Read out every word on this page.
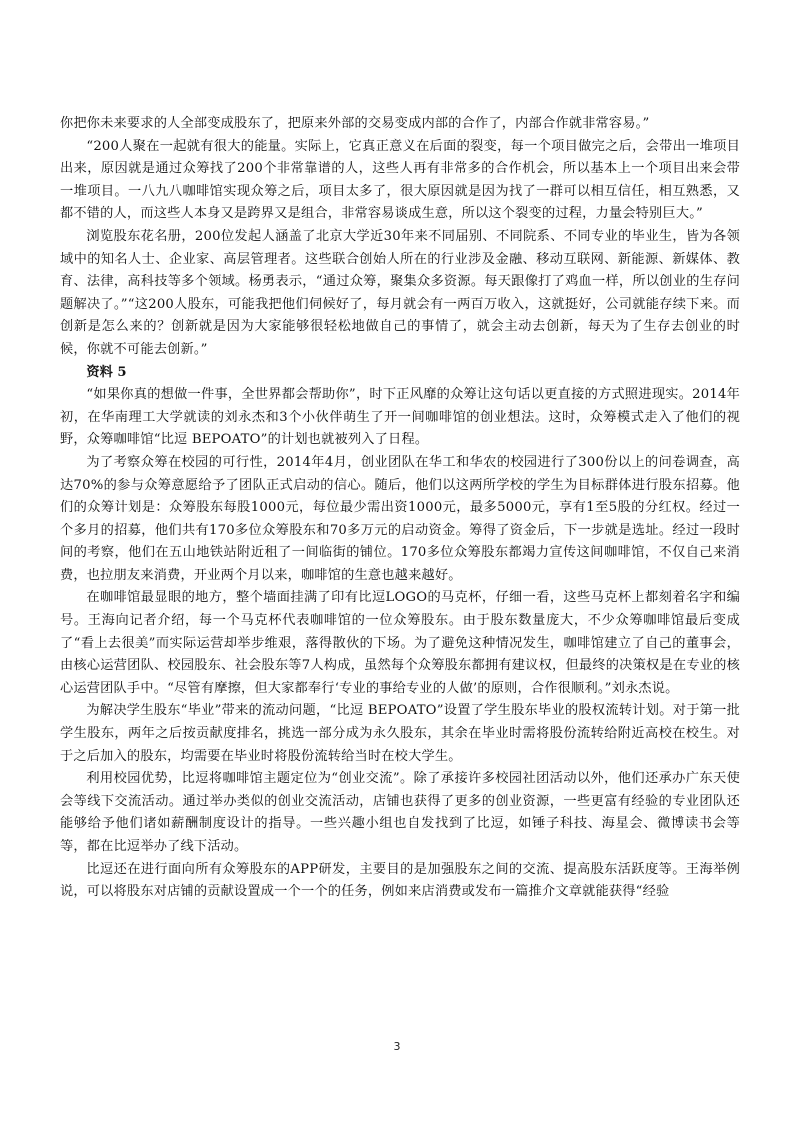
你把你未来要求的人全部变成股东了，把原来外部的交易变成内部的合作了，内部合作就非常容易。”

“200人聚在一起就有很大的能量。实际上，它真正意义在后面的裂变，每一个项目做完之后，会带出一堆项目出来，原因就是通过众筹找了200个非常靠谱的人，这些人再有非常多的合作机会，所以基本上一个项目出来会带一堆项目。一八九八咖啡馆实现众筹之后，项目太多了，很大原因就是因为找了一群可以相互信任，相互熟悉，又都不错的人，而这些人本身又是跨界又是组合，非常容易谈成生意，所以这个裂变的过程，力量会特别巨大。”

浏览股东花名册，200位发起人涵盖了北京大学近30年来不同届别、不同院系、不同专业的毕业生，皆为各领域中的知名人士、企业家、高层管理者。这些联合创始人所在的行业涉及金融、移动互联网、新能源、新媒体、教育、法律，高科技等多个领域。杨勇表示，“通过众筹，聚集众多资源。每天跟像打了鸡血一样，所以创业的生存问题解决了。”“这200人股东，可能我把他们伺候好了，每月就会有一两百万收入，这就挺好，公司就能存续下来。而创新是怎么来的？创新就是因为大家能够很轻松地做自己的事情了，就会主动去创新，每天为了生存去创业的时候，你就不可能去创新。”

资料 5

“如果你真的想做一件事，全世界都会帮助你”，时下正风靡的众筹让这句话以更直接的方式照进现实。2014年初，在华南理工大学就读的刘永杰和3个小伙伴萌生了开一间咖啡馆的创业想法。这时，众筹模式走入了他们的视野，众筹咖啡馆“比逗 BEPOATO”的计划也就被列入了日程。

为了考察众筹在校园的可行性，2014年4月，创业团队在华工和华农的校园进行了300份以上的问卷调查，高达70%的参与众筹意愿给予了团队正式启动的信心。随后，他们以这两所学校的学生为目标群体进行股东招募。他们的众筹计划是：众筹股东每股1000元，每位最少需出资1000元，最多5000元，享有1至5股的分红权。经过一个多月的招募，他们共有170多位众筹股东和70多万元的启动资金。筹得了资金后，下一步就是选址。经过一段时间的考察，他们在五山地铁站附近租了一间临街的铺位。170多位众筹股东都竭力宣传这间咖啡馆，不仅自己来消费，也拉朋友来消费，开业两个月以来，咖啡馆的生意也越来越好。

在咖啡馆最显眼的地方，整个墙面挂满了印有比逗LOGO的马克杯，仔细一看，这些马克杯上都刻着名字和编号。王海向记者介绍，每一个马克杯代表咖啡馆的一位众筹股东。由于股东数量庞大，不少众筹咖啡馆最后变成了“看上去很美”而实际运营却举步维艰，落得散伙的下场。为了避免这种情况发生，咖啡馆建立了自己的董事会，由核心运营团队、校园股东、社会股东等7人构成，虽然每个众筹股东都拥有建议权，但最终的决策权是在专业的核心运营团队手中。“尽管有摩擦，但大家都奉行‘专业的事给专业的人做’的原则，合作很顺利。”刘永杰说。

为解决学生股东“毕业”带来的流动问题，“比逗 BEPOATO”设置了学生股东毕业的股权流转计划。对于第一批学生股东，两年之后按贡献度排名，挑选一部分成为永久股东，其余在毕业时需将股份流转给附近高校在校生。对于之后加入的股东，均需要在毕业时将股份流转给当时在校大学生。

利用校园优势，比逗将咖啡馆主题定位为“创业交流”。除了承接许多校园社团活动以外，他们还承办广东天使会等线下交流活动。通过举办类似的创业交流活动，店铺也获得了更多的创业资源，一些更富有经验的专业团队还能够给予他们诸如薪酬制度设计的指导。一些兴趣小组也自发找到了比逗，如锤子科技、海星会、微博读书会等等，都在比逗举办了线下活动。

比逗还在进行面向所有众筹股东的APP研发，主要目的是加强股东之间的交流、提高股东活跃度等。王海举例说，可以将股东对店铺的贡献设置成一个一个的任务，例如来店消费或发布一篇推介文章就能获得“经验

3
